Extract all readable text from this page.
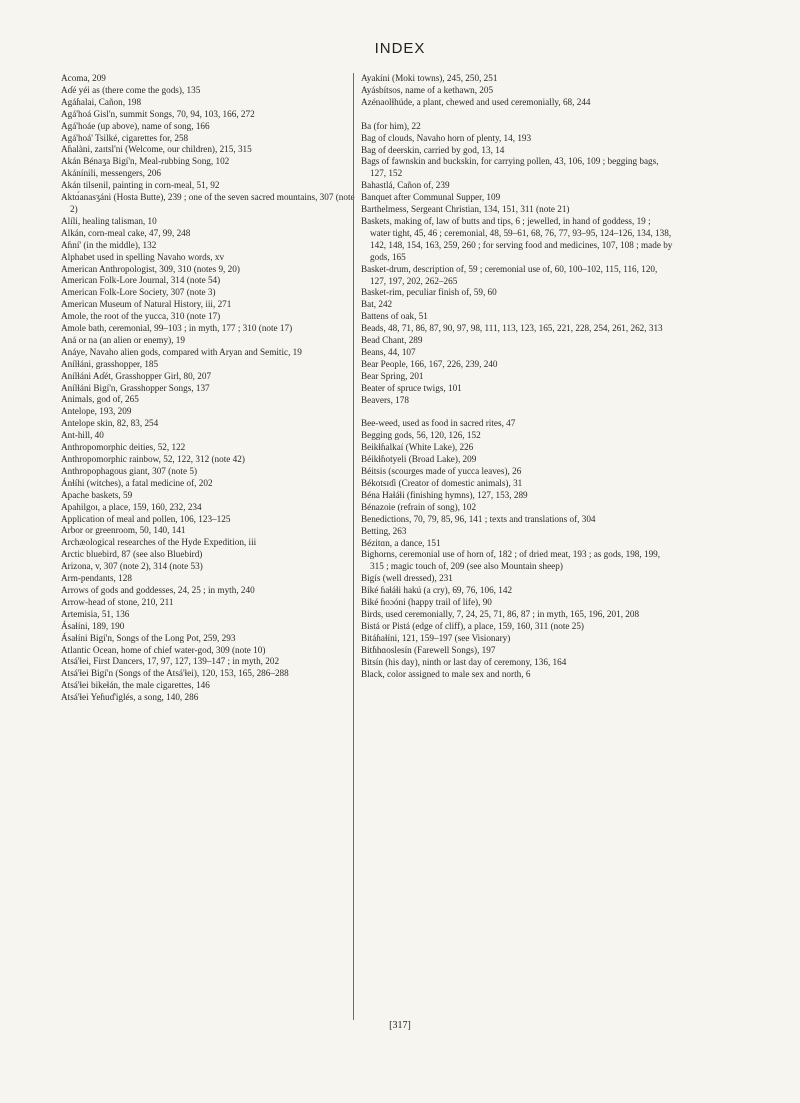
INDEX
Acoma, 209
Aɗé yéi as (there come the gods), 135
Agáɦalai, Cañon, 198
Agá'hoá Gisl'n, summit Songs, 70, 94, 103, 166, 272
Agá'hoáe (up above), name of song, 166
Agá'hoá' Tsilké, cigarettes for, 258
Aɦalàni, zaɪtsl'ni (Welcome, our children), 215, 315
Akán Bénaʒa Bigí'n, Meal-rubbing Song, 102
Akánínili, messengers, 206
Akán tilsenil, painting in corn-meal, 51, 92
Aktɑ́anasʒáni (Hosta Butte), 239 ; one of the seven sacred mountains, 307 (note 2)
Alíli, healing talisman, 10
Alkán, corn-meal cake, 47, 99, 248
Aɦní' (in the middle), 132
Alphabet used in spelling Navaho words, xv
American Anthropologist, 309, 310 (notes 9, 20)
American Folk-Lore Journal, 314 (note 54)
American Folk-Lore Society, 307 (note 3)
American Museum of Natural History, iii, 271
Amole, the root of the yucca, 310 (note 17)
Amole bath, ceremonial, 99–103 ; in myth, 177 ; 310 (note 17)
Aná or na (an alien or enemy), 19
Anáye, Navaho alien gods, compared with Aryan and Semitic, 19
Anílɬáni, grasshopper, 185
Anílɬáni Aɗét, Grasshopper Girl, 80, 207
Anílɬáni Bigí'n, Grasshopper Songs, 137
Animals, god of, 265
Antelope, 193, 209
Antelope skin, 82, 83, 254
Ant-hill, 40
Anthropomorphic deities, 52, 122
Anthropomorphic rainbow, 52, 122, 312 (note 42)
Anthropophagous giant, 307 (note 5)
Ánɬíhi (witches), a fatal medicine of, 202
Apache baskets, 59
Apahilgoɪ, a place, 159, 160, 232, 234
Application of meal and pollen, 106, 123–125
Arbor or greenroom, 50, 140, 141
Archæological researches of the Hyde Expedition, iii
Arctic bluebird, 87 (see also Bluebird)
Arizona, v, 307 (note 2), 314 (note 53)
Arm-pendants, 128
Arrows of gods and goddesses, 24, 25 ; in myth, 240
Arrow-head of stone, 210, 211
Artemisia, 51, 136
Ásaɬíni, 189, 190
Ásaɬíni Bigí'n, Songs of the Long Pot, 259, 293
Atlantic Ocean, home of chief water-god, 309 (note 10)
Atsá'ɬei, First Dancers, 17, 97, 127, 139–147 ; in myth, 202
Atsá'ɬei Bigí'n (Songs of the Atsá'ɬei), 120, 153, 165, 286–288
Atsá'ɬei bikeɬán, the male cigarettes, 146
Atsá'ɬei Yeɦuɗ'iglés, a song, 140, 286
Ayakíni (Moki towns), 245, 250, 251
Ayásbítsos, name of a kethawn, 205
Azénaolɬhúde, a plant, chewed and used ceremonially, 68, 244
Ba (for him), 22
Bag of clouds, Navaho horn of plenty, 14, 193
Bag of deerskin, carried by god, 13, 14
Bags of fawnskin and buckskin, for carrying pollen, 43, 106, 109 ; begging bags, 127, 152
Bahastlá, Cañon of, 239
Banquet after Communal Supper, 109
Barthelmess, Sergeant Christian, 134, 151, 311 (note 21)
Baskets, making of, law of butts and tips, 6 ; jewelled, in hand of goddess, 19 ; water tight, 45, 46 ; ceremonial, 48, 59–61, 68, 76, 77, 93–95, 124–126, 134, 138, 142, 148, 154, 163, 259, 260 ; for serving food and medicines, 107, 108 ; made by gods, 165
Basket-drum, description of, 59 ; ceremonial use of, 60, 100–102, 115, 116, 120, 127, 197, 202, 262–265
Basket-rim, peculiar finish of, 59, 60
Bat, 242
Battens of oak, 51
Beads, 48, 71, 86, 87, 90, 97, 98, 111, 113, 123, 165, 221, 228, 254, 261, 262, 313
Bead Chant, 289
Beans, 44, 107
Bear People, 166, 167, 226, 239, 240
Bear Spring, 201
Beater of spruce twigs, 101
Beavers, 178
Bee-weed, used as food in sacred rites, 47
Begging gods, 56, 120, 126, 152
Beikɬɦalkaí (White Lake), 226
Béikɬɦotyeli (Broad Lake), 209
Béitsis (scourges made of yucca leaves), 26
Békotsɪɗi (Creator of domestic animals), 31
Béna Haɬáɬi (finishing hymns), 127, 153, 289
Bénazoie (refrain of song), 102
Benedictions, 70, 79, 85, 96, 141 ; texts and translations of, 304
Betting, 263
Bézitɑn, a dance, 151
Bighorns, ceremonial use of horn of, 182 ; of dried meat, 193 ; as gods, 198, 199, 315 ; magic touch of, 209 (see also Mountain sheep)
Bigís (well dressed), 231
Biké ɦaɬáɬi hakú (a cry), 69, 76, 106, 142
Biké ɦoɔóni (happy trail of life), 90
Birds, used ceremonially, 7, 24, 25, 71, 86, 87 ; in myth, 165, 196, 201, 208
Bistá or Pistá (edge of cliff), a place, 159, 160, 311 (note 25)
Bitáɦaɬíni, 121, 159–197 (see Visionary)
Bitɦhɑoslesín (Farewell Songs), 197
Bitsín (his day), ninth or last day of ceremony, 136, 164
Black, color assigned to male sex and north, 6
[317]
